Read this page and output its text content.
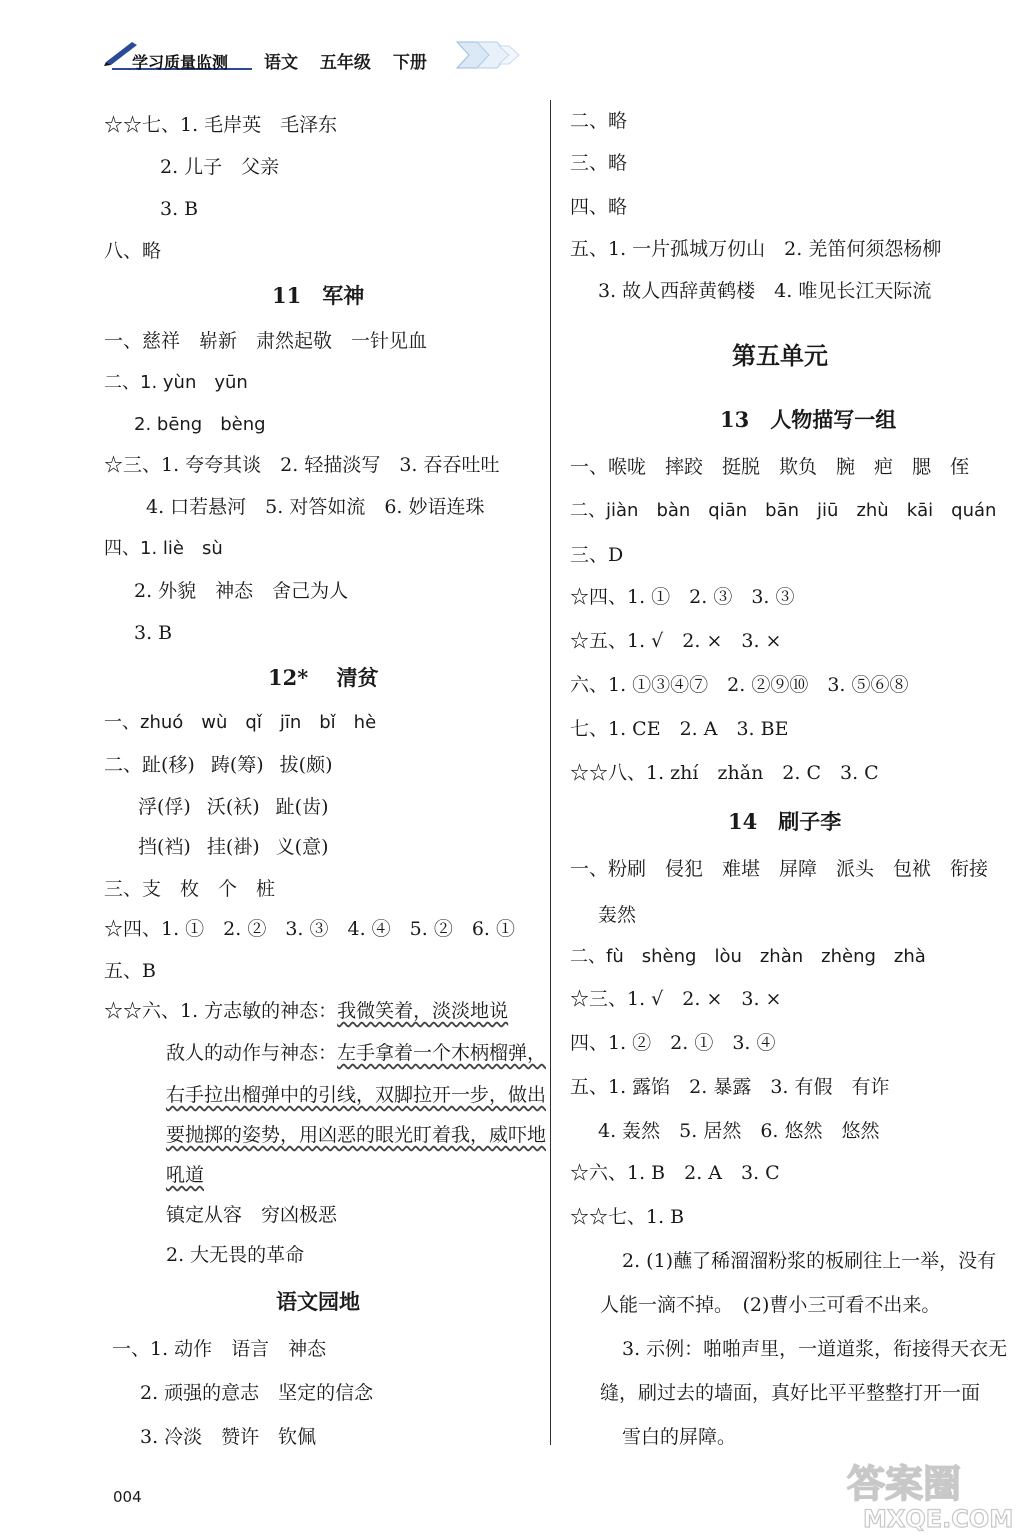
学习质量监测 语文 五年级 下册
☆☆七、1. 毛岸英　毛泽东
2. 儿子　父亲
3. B
八、略
11　军神
一、慈祥　崭新　肃然起敬　一针见血
二、1. yùn　yūn
2. bēng　bèng
☆三、1. 夸夸其谈　2. 轻描淡写　3. 吞吞吐吐
4. 口若悬河　5. 对答如流　6. 妙语连珠
四、1. liè　sù
2. 外貌　神态　舍己为人
3. B
12* 　清贫
一、zhuó　wù　qǐ　jīn　bǐ　hè
二、趾(移) 踌(筹) 拔(颇)
浮(俘) 沃(袄) 趾(齿)
挡(裆) 挂(褂) 义(意)
三、支　枚　个　桩
☆四、1. ①　2. ②　3. ③　4. ④　5. ②　6. ①
五、B
☆☆六、1. 方志敏的神态：我微笑着，淡淡地说
敌人的动作与神态：左手拿着一个木柄榴弹，
右手拉出榴弹中的引线，双脚拉开一步，做出
要抛掷的姿势，用凶恶的眼光盯着我，威吓地
吼道
镇定从容　穷凶极恶
2. 大无畏的革命
语文园地
一、1. 动作　语言　神态
2. 顽强的意志　坚定的信念
3. 冷淡　赞许　钦佩
二、略
三、略
四、略
五、1. 一片孤城万仞山　2. 羌笛何须怨杨柳
3. 故人西辞黄鹤楼　4. 唯见长江天际流
第五单元
13　人物描写一组
一、喉咙　摔跤　挺脱　欺负　腕　疤　腮　侄
二、jiàn　bàn　qiān　bān　jiū　zhù　kāi　quán
三、D
☆四、1. ①　2. ③　3. ③
☆五、1. √　2. ×　3. ×
六、1. ①③④⑦　2. ②⑨⑩　3. ⑤⑥⑧
七、1. CE　2. A　3. BE
☆☆八、1. zhí　zhǎn　2. C　3. C
14　刷子李
一、粉刷　侵犯　难堪　屏障　派头　包袱　衔接
轰然
二、fù　shèng　lòu　zhàn　zhèng　zhà
☆三、1. √　2. ×　3. ×
四、1. ②　2. ①　3. ④
五、1. 露馅　2. 暴露　3. 有假　有诈
4. 轰然　5. 居然　6. 悠然　悠然
☆六、1. B　2. A　3. C
☆☆七、1. B
2. (1)蘸了稀溜溜粉浆的板刷往上一举，没有
人能一滴不掉。　(2)曹小三可看不出来。
3. 示例：啪啪声里，一道道浆，衔接得天衣无
缝，刷过去的墙面，真好比平平整整打开一面
雪白的屏障。
004	答案圈
MXQE.COM
